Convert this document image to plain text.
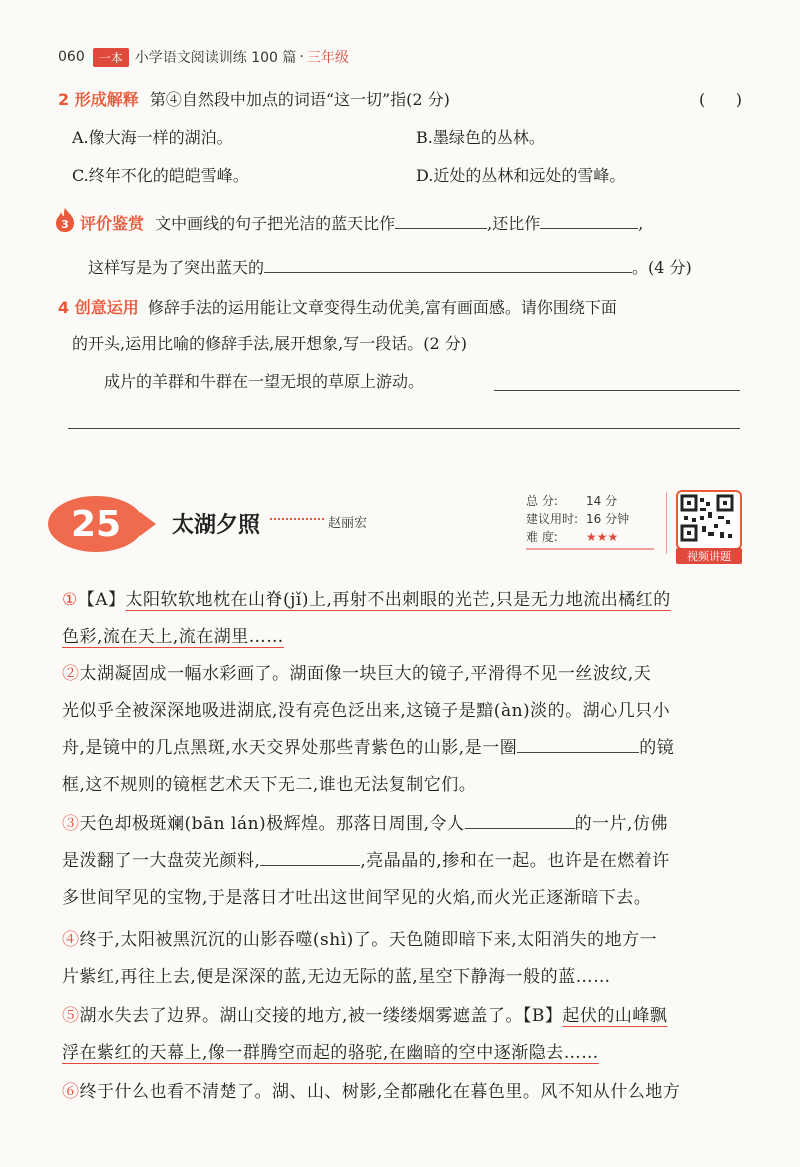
060	一本 小学语文阅读训练 100 篇 · 三年级
2 形成解释 第④自然段中加点的词语“这一切”指(2 分)	(      )
A.像大海一样的湖泊。	B.墨绿色的丛林。
C.终年不化的皑皑雪峰。	D.近处的丛林和远处的雪峰。
3 评价鉴赏 文中画线的句子把光洁的蓝天比作	,还比作	,
这样写是为了突出蓝天的	。(4 分)
4 创意运用 修辞手法的运用能让文章变得生动优美,富有画面感。请你围绕下面
的开头,运用比喻的修辞手法,展开想象,写一段话。(2 分)
成片的羊群和牛群在一望无垠的草原上游动。
25	太湖夕照	赵丽宏
总 分: 14 分
建议用时: 16 分钟
难 度: ★★★
视频讲题
①【A】太阳软软地枕在山脊(jǐ)上,再射不出刺眼的光芒,只是无力地流出橘红的
色彩,流在天上,流在湖里……
②太湖凝固成一幅水彩画了。湖面像一块巨大的镜子,平滑得不见一丝波纹,天
光似乎全被深深地吸进湖底,没有亮色泛出来,这镜子是黯(àn)淡的。湖心几只小
舟,是镜中的几点黑斑,水天交界处那些青紫色的山影,是一圈	的镜
框,这不规则的镜框艺术天下无二,谁也无法复制它们。
③天色却极斑斓(bān lán)极辉煌。那落日周围,令人	的一片,仿佛
是泼翻了一大盘荧光颜料,	,亮晶晶的,掺和在一起。也许是在燃着许
多世间罕见的宝物,于是落日才吐出这世间罕见的火焰,而火光正逐渐暗下去。
④终于,太阳被黑沉沉的山影吞噬(shì)了。天色随即暗下来,太阳消失的地方一
片紫红,再往上去,便是深深的蓝,无边无际的蓝,星空下静海一般的蓝……
⑤湖水失去了边界。湖山交接的地方,被一缕缕烟雾遮盖了。【B】起伏的山峰飘
浮在紫红的天幕上,像一群腾空而起的骆驼,在幽暗的空中逐渐隐去……
⑥终于什么也看不清楚了。湖、山、树影,全都融化在暮色里。风不知从什么地方
